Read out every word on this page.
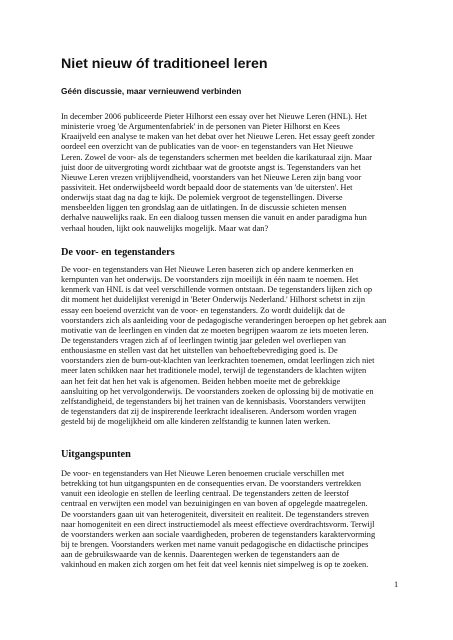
Niet nieuw óf traditioneel leren
Géén discussie, maar vernieuwend verbinden
In december 2006 publiceerde Pieter Hilhorst een essay over het Nieuwe Leren (HNL). Het
ministerie vroeg 'de Argumentenfabriek' in de personen van Pieter Hilhorst en Kees
Kraaijveld een analyse te maken van het debat over het Nieuwe Leren. Het essay geeft zonder
oordeel een overzicht van de publicaties van de voor- en tegenstanders van Het Nieuwe
Leren. Zowel de voor- als de tegenstanders schermen met beelden die karikaturaal zijn. Maar
juist door de uitvergroting wordt zichtbaar wat de grootste angst is. Tegenstanders van het
Nieuwe Leren vrezen vrijblijvendheid, voorstanders van het Nieuwe Leren zijn bang voor
passiviteit. Het onderwijsbeeld wordt bepaald door de statements van 'de uitersten'. Het
onderwijs staat dag na dag te kijk. De polemiek vergroot de tegenstellingen. Diverse
mensbeelden liggen ten grondslag aan de uitlatingen. In de discussie schieten mensen
derhalve nauwelijks raak. En een dialoog tussen mensen die vanuit en ander paradigma hun
verhaal houden, lijkt ook nauwelijks mogelijk. Maar wat dan?
De voor- en tegenstanders
De voor- en tegenstanders van Het Nieuwe Leren baseren zich op andere kenmerken en
kernpunten van het onderwijs. De voorstanders zijn moeilijk in één naam te noemen. Het
kenmerk van HNL is dat veel verschillende vormen ontstaan. De tegenstanders lijken zich op
dit moment het duidelijkst verenigd in 'Beter Onderwijs Nederland.' Hilhorst schetst in zijn
essay een boeiend overzicht van de voor- en tegenstanders. Zo wordt duidelijk dat de
voorstanders zich als aanleiding voor de pedagogische veranderingen beroepen op het gebrek aan
motivatie van de leerlingen en vinden dat ze moeten begrijpen waarom ze iets moeten leren.
De tegenstanders vragen zich af of leerlingen twintig jaar geleden wel overliepen van
enthousiasme en stellen vast dat het uitstellen van behoeftebevrediging goed is. De
voorstanders zien de burn-out-klachten van leerkrachten toenemen, omdat leerlingen zich niet
meer laten schikken naar het traditionele model, terwijl de tegenstanders de klachten wijten
aan het feit dat hen het vak is afgenomen. Beiden hebben moeite met de gebrekkige
aansluiting op het vervolgonderwijs. De voorstanders zoeken de oplossing bij de motivatie en
zelfstandigheid, de tegenstanders bij het trainen van de kennisbasis. Voorstanders verwijten
de tegenstanders dat zij de inspirerende leerkracht idealiseren. Andersom worden vragen
gesteld bij de mogelijkheid om alle kinderen zelfstandig te kunnen laten werken.
Uitgangspunten
De voor- en tegenstanders van Het Nieuwe Leren benoemen cruciale verschillen met
betrekking tot hun uitgangspunten en de consequenties ervan. De voorstanders vertrekken
vanuit een ideologie en stellen de leerling centraal. De tegenstanders zetten de leerstof
centraal en verwijten een model van bezuinigingen en van boven af opgelegde maatregelen.
De voorstanders gaan uit van heterogeniteit, diversiteit en realiteit. De tegenstanders streven
naar homogeniteit en een direct instructiemodel als meest effectieve overdrachtsvorm. Terwijl
de voorstanders werken aan sociale vaardigheden, proberen de tegenstanders karaktervorming
bij te brengen. Voorstanders werken met name vanuit pedagogische en didactische principes
aan de gebruikswaarde van de kennis. Daarentegen werken de tegenstanders aan de
vakinhoud en maken zich zorgen om het feit dat veel kennis niet simpelweg is op te zoeken.
1
